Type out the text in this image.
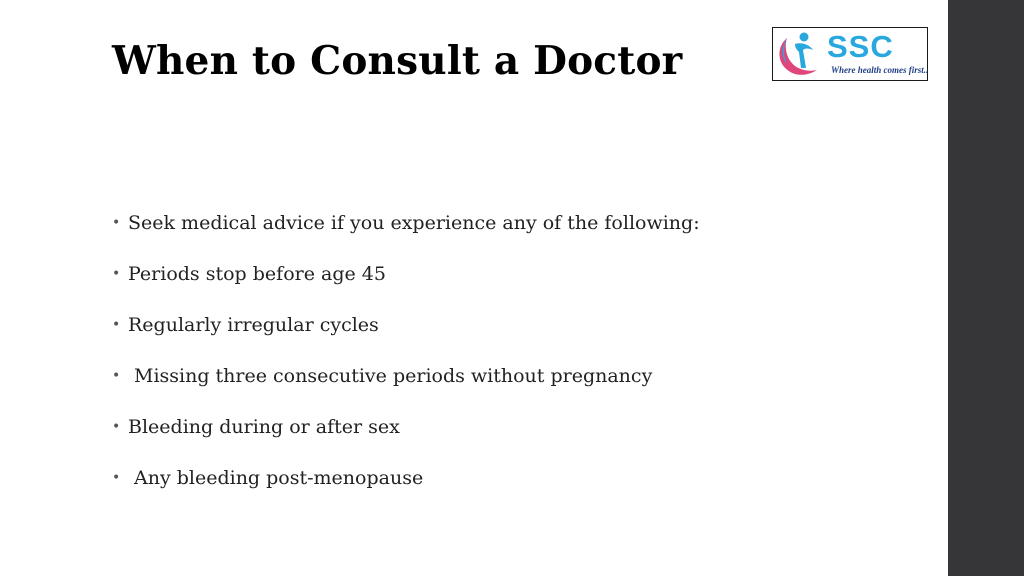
When to Consult a Doctor	SSC
Where health comes first..
• Seek medical advice if you experience any of the following:
• Periods stop before age 45
• Regularly irregular cycles
• Missing three consecutive periods without pregnancy
• Bleeding during or after sex
• Any bleeding post-menopause
